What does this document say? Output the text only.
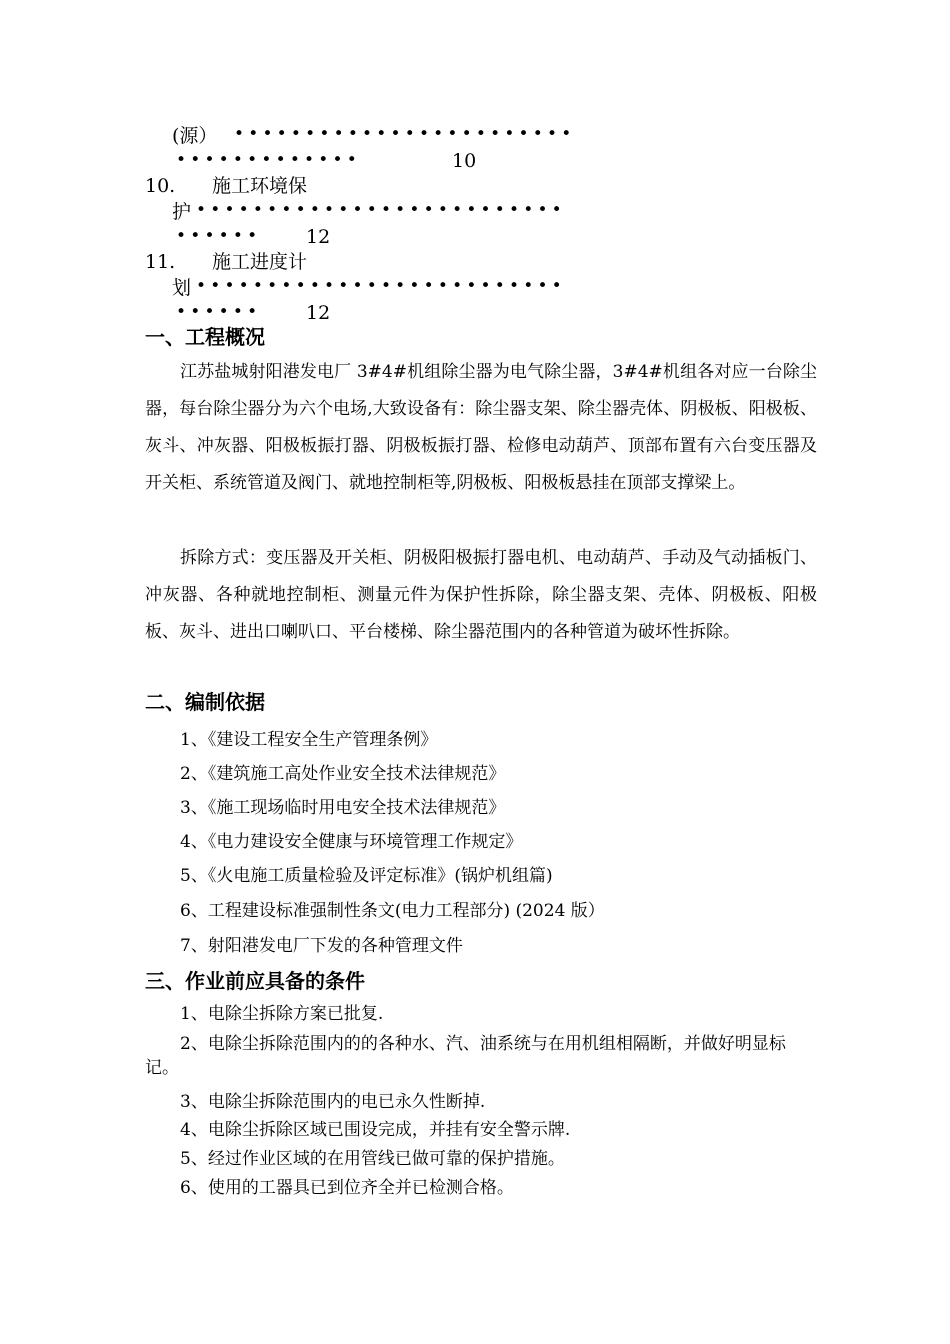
(源） ••••••••••••••••••••••••
•••••••••••••	10
10. 施工环境保
护 ••••••••••••••••••••••••••
•••••• 12
11. 施工进度计
划 ••••••••••••••••••••••••••
•••••• 12
一、工程概况
江苏盐城射阳港发电厂 3#4#机组除尘器为电气除尘器，3#4#机组各对应一台除尘器，每台除尘器分为六个电场,大致设备有：除尘器支架、除尘器壳体、阴极板、阳极板、灰斗、冲灰器、阳极板振打器、阴极板振打器、检修电动葫芦、顶部布置有六台变压器及开关柜、系统管道及阀门、就地控制柜等,阴极板、阳极板悬挂在顶部支撑梁上。
拆除方式：变压器及开关柜、阴极阳极振打器电机、电动葫芦、手动及气动插板门、冲灰器、各种就地控制柜、测量元件为保护性拆除，除尘器支架、壳体、阴极板、阳极板、灰斗、进出口喇叭口、平台楼梯、除尘器范围内的各种管道为破坏性拆除。
二、编制依据
1、《建设工程安全生产管理条例》
2、《建筑施工高处作业安全技术法律规范》
3、《施工现场临时用电安全技术法律规范》
4、《电力建设安全健康与环境管理工作规定》
5、《火电施工质量检验及评定标准》(锅炉机组篇)
6、工程建设标准强制性条文(电力工程部分) (2024 版）
7、射阳港发电厂下发的各种管理文件
三、作业前应具备的条件
1、电除尘拆除方案已批复.
2、电除尘拆除范围内的的各种水、汽、油系统与在用机组相隔断，并做好明显标记。
3、电除尘拆除范围内的电已永久性断掉.
4、电除尘拆除区域已围设完成，并挂有安全警示牌.
5、经过作业区域的在用管线已做可靠的保护措施。
6、使用的工器具已到位齐全并已检测合格。
